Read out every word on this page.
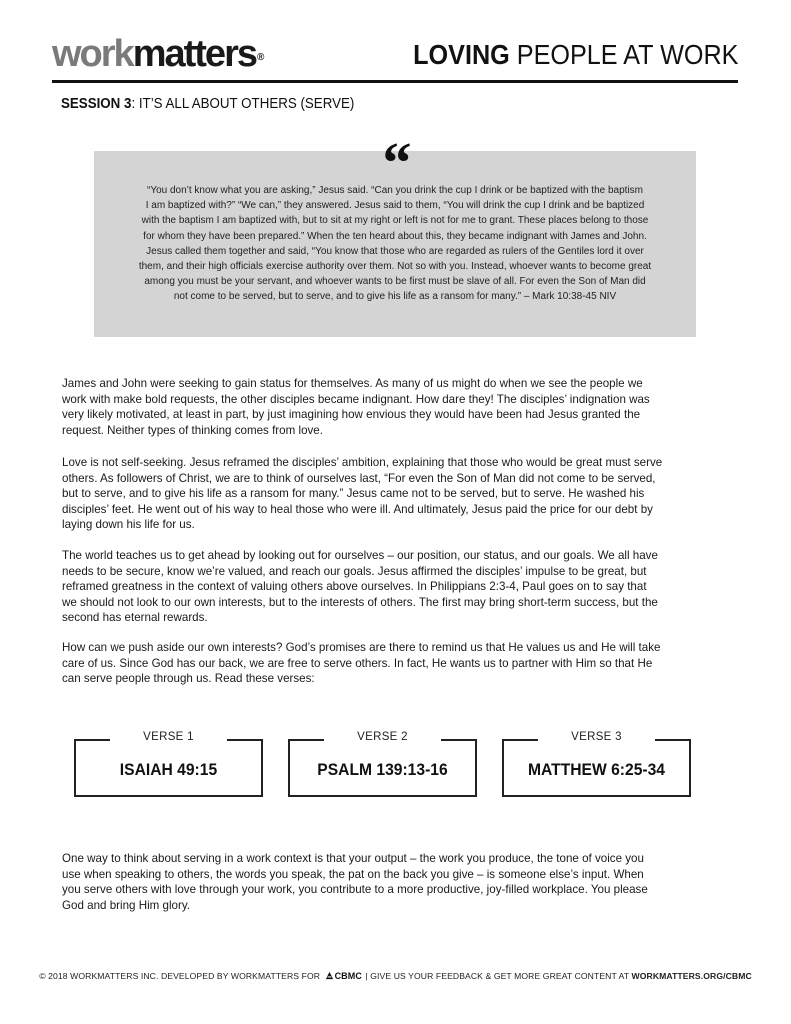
workmatters®	LOVING PEOPLE AT WORK
SESSION 3: IT’S ALL ABOUT OTHERS (SERVE)
“
“You don’t know what you are asking,” Jesus said. “Can you drink the cup I drink or be baptized with the baptism
I am baptized with?” “We can,” they answered. Jesus said to them, “You will drink the cup I drink and be baptized
with the baptism I am baptized with, but to sit at my right or left is not for me to grant. These places belong to those
for whom they have been prepared.” When the ten heard about this, they became indignant with James and John.
Jesus called them together and said, “You know that those who are regarded as rulers of the Gentiles lord it over
them, and their high officials exercise authority over them. Not so with you. Instead, whoever wants to become great
among you must be your servant, and whoever wants to be first must be slave of all. For even the Son of Man did
not come to be served, but to serve, and to give his life as a ransom for many.” – Mark 10:38-45 NIV
James and John were seeking to gain status for themselves. As many of us might do when we see the people we
work with make bold requests, the other disciples became indignant. How dare they! The disciples’ indignation was
very likely motivated, at least in part, by just imagining how envious they would have been had Jesus granted the
request. Neither types of thinking comes from love.
Love is not self-seeking. Jesus reframed the disciples’ ambition, explaining that those who would be great must serve
others. As followers of Christ, we are to think of ourselves last, “For even the Son of Man did not come to be served,
but to serve, and to give his life as a ransom for many.” Jesus came not to be served, but to serve. He washed his
disciples’ feet. He went out of his way to heal those who were ill. And ultimately, Jesus paid the price for our debt by
laying down his life for us.
The world teaches us to get ahead by looking out for ourselves – our position, our status, and our goals. We all have
needs to be secure, know we’re valued, and reach our goals. Jesus affirmed the disciples’ impulse to be great, but
reframed greatness in the context of valuing others above ourselves. In Philippians 2:3-4, Paul goes on to say that
we should not look to our own interests, but to the interests of others. The first may bring short-term success, but the
second has eternal rewards.
How can we push aside our own interests? God’s promises are there to remind us that He values us and He will take
care of us. Since God has our back, we are free to serve others. In fact, He wants us to partner with Him so that He
can serve people through us. Read these verses:
VERSE 1
ISAIAH 49:15
VERSE 2
PSALM 139:13-16
VERSE 3
MATTHEW 6:25-34
One way to think about serving in a work context is that your output – the work you produce, the tone of voice you
use when speaking to others, the words you speak, the pat on the back you give – is someone else’s input. When
you serve others with love through your work, you contribute to a more productive, joy-filled workplace. You please
God and bring Him glory.
© 2018 WORKMATTERS INC. DEVELOPED BY WORKMATTERS FOR CBMC | GIVE US YOUR FEEDBACK & GET MORE GREAT CONTENT AT WORKMATTERS.ORG/CBMC
